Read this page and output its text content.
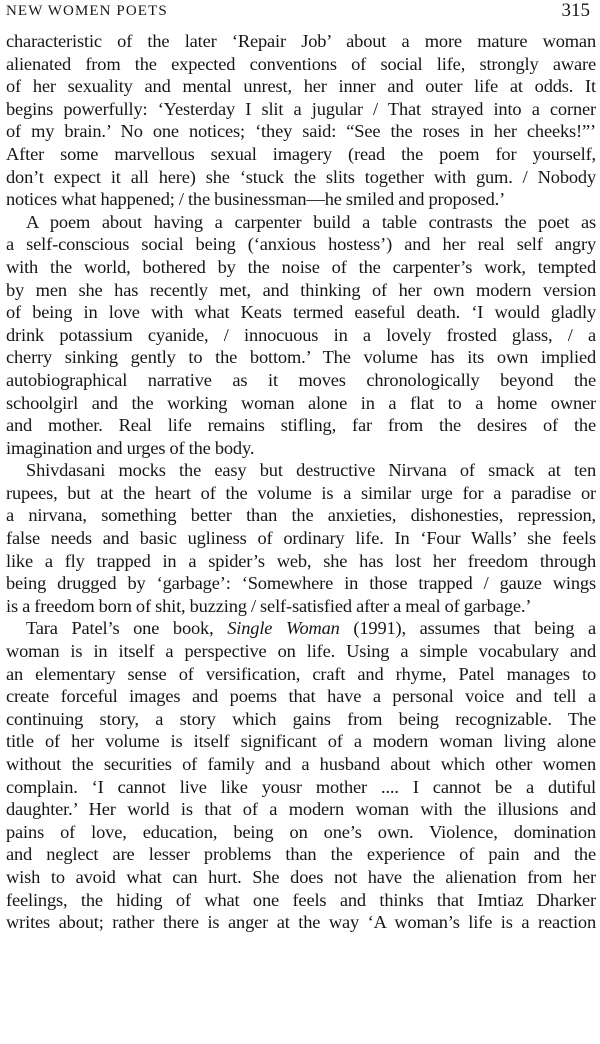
NEW WOMEN POETS	315

characteristic of the later ‘Repair Job’ about a more mature woman
alienated from the expected conventions of social life, strongly aware
of her sexuality and mental unrest, her inner and outer life at odds. It
begins powerfully: ‘Yesterday I slit a jugular / That strayed into a corner
of my brain.’ No one notices; ‘they said: “See the roses in her cheeks!”’
After some marvellous sexual imagery (read the poem for yourself,
don’t expect it all here) she ‘stuck the slits together with gum. / Nobody
notices what happened; / the businessman—he smiled and proposed.’

A poem about having a carpenter build a table contrasts the poet as
a self-conscious social being (‘anxious hostess’) and her real self angry
with the world, bothered by the noise of the carpenter’s work, tempted
by men she has recently met, and thinking of her own modern version
of being in love with what Keats termed easeful death. ‘I would gladly
drink potassium cyanide, / innocuous in a lovely frosted glass, / a
cherry sinking gently to the bottom.’ The volume has its own implied
autobiographical narrative as it moves chronologically beyond the
schoolgirl and the working woman alone in a flat to a home owner
and mother. Real life remains stifling, far from the desires of the
imagination and urges of the body.

Shivdasani mocks the easy but destructive Nirvana of smack at ten
rupees, but at the heart of the volume is a similar urge for a paradise or
a nirvana, something better than the anxieties, dishonesties, repression,
false needs and basic ugliness of ordinary life. In ‘Four Walls’ she feels
like a fly trapped in a spider’s web, she has lost her freedom through
being drugged by ‘garbage’: ‘Somewhere in those trapped / gauze wings
is a freedom born of shit, buzzing / self-satisfied after a meal of garbage.’

Tara Patel’s one book, Single Woman (1991), assumes that being a
woman is in itself a perspective on life. Using a simple vocabulary and
an elementary sense of versification, craft and rhyme, Patel manages to
create forceful images and poems that have a personal voice and tell a
continuing story, a story which gains from being recognizable. The
title of her volume is itself significant of a modern woman living alone
without the securities of family and a husband about which other women
complain. ‘I cannot live like yousr mother .... I cannot be a dutiful
daughter.’ Her world is that of a modern woman with the illusions and
pains of love, education, being on one’s own. Violence, domination
and neglect are lesser problems than the experience of pain and the
wish to avoid what can hurt. She does not have the alienation from her
feelings, the hiding of what one feels and thinks that Imtiaz Dharker
writes about; rather there is anger at the way ‘A woman’s life is a reaction
